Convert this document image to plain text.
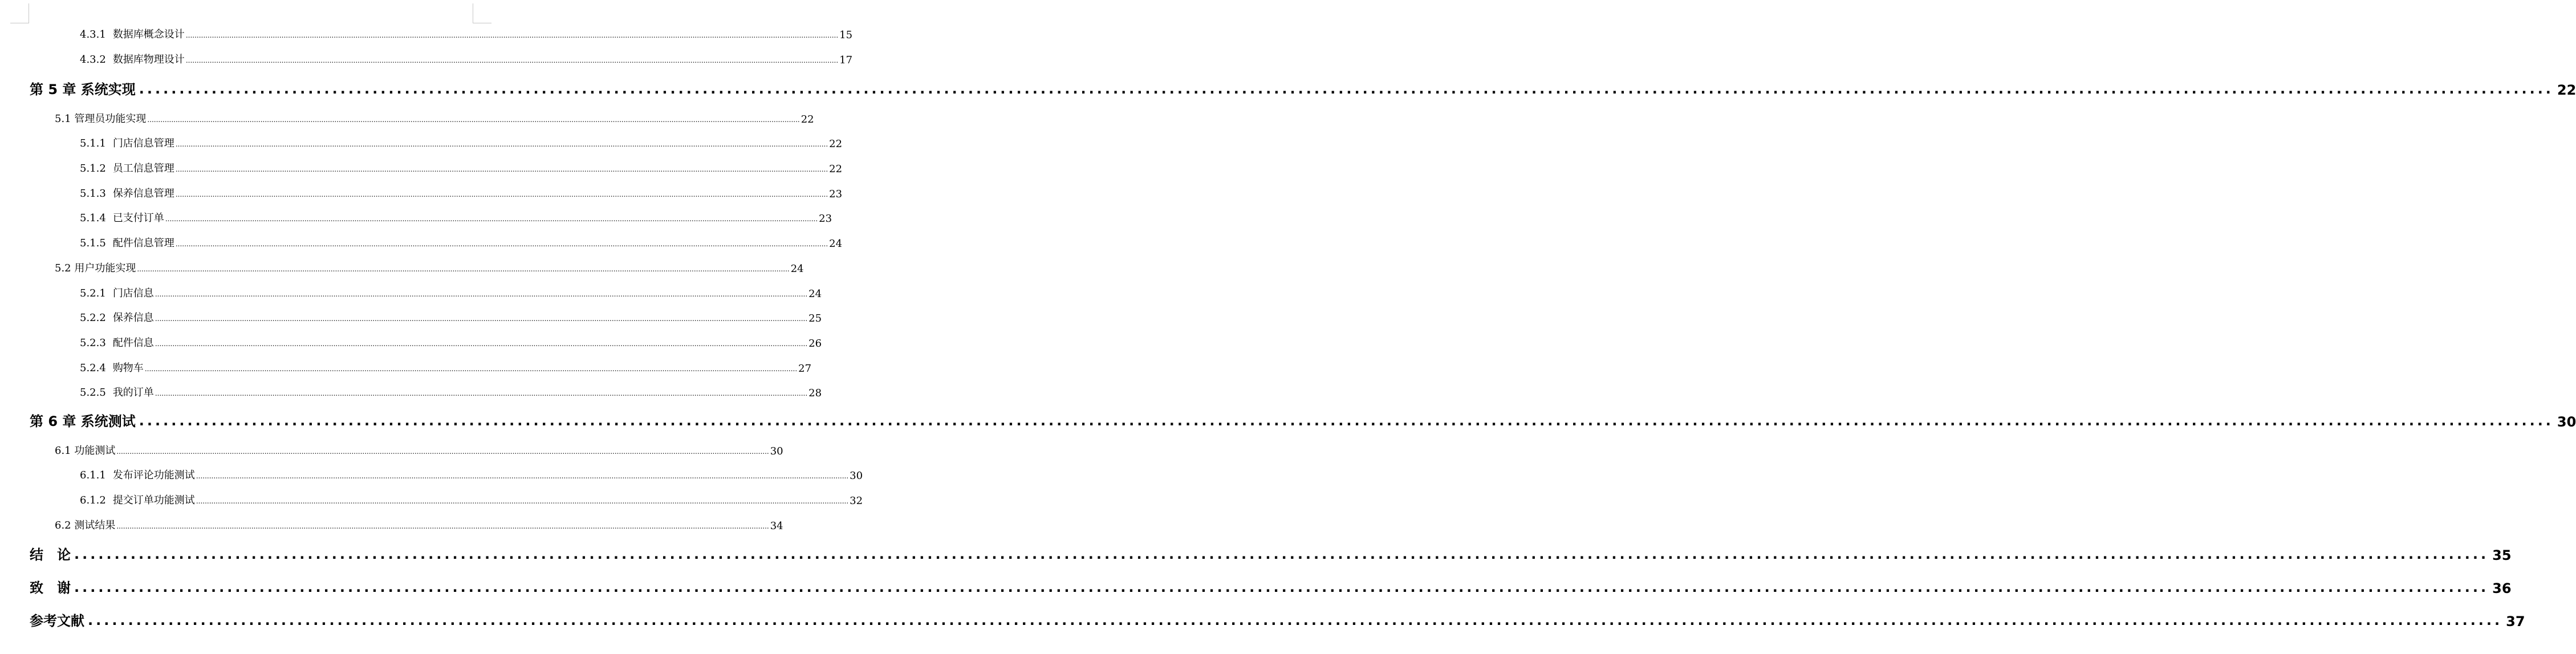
4.3.1 数据库概念设计 ............................................................................................................................................................................................................................................................................................................ 15
4.3.2 数据库物理设计 ............................................................................................................................................................................................................................................................................................................ 17
第 5 章 系统实现 ............................................................................................................................................................................................................................................................................................................ 22
5.1 管理员功能实现 ............................................................................................................................................................................................................................................................................................................ 22
5.1.1 门店信息管理 ............................................................................................................................................................................................................................................................................................................ 22
5.1.2 员工信息管理 ............................................................................................................................................................................................................................................................................................................ 22
5.1.3 保养信息管理 ............................................................................................................................................................................................................................................................................................................ 23
5.1.4 已支付订单 ............................................................................................................................................................................................................................................................................................................ 23
5.1.5 配件信息管理 ............................................................................................................................................................................................................................................................................................................ 24
5.2 用户功能实现 ............................................................................................................................................................................................................................................................................................................ 24
5.2.1 门店信息 ............................................................................................................................................................................................................................................................................................................ 24
5.2.2 保养信息 ............................................................................................................................................................................................................................................................................................................ 25
5.2.3 配件信息 ............................................................................................................................................................................................................................................................................................................ 26
5.2.4 购物车 ............................................................................................................................................................................................................................................................................................................ 27
5.2.5 我的订单 ............................................................................................................................................................................................................................................................................................................ 28
第 6 章 系统测试 ............................................................................................................................................................................................................................................................................................................ 30
6.1 功能测试 ............................................................................................................................................................................................................................................................................................................ 30
6.1.1 发布评论功能测试 ............................................................................................................................................................................................................................................................................................................ 30
6.1.2 提交订单功能测试 ............................................................................................................................................................................................................................................................................................................ 32
6.2 测试结果 ............................................................................................................................................................................................................................................................................................................ 34
结　论 ............................................................................................................................................................................................................................................................................................................ 35
致　谢 ............................................................................................................................................................................................................................................................................................................ 36
参考文献 ............................................................................................................................................................................................................................................................................................................ 37
